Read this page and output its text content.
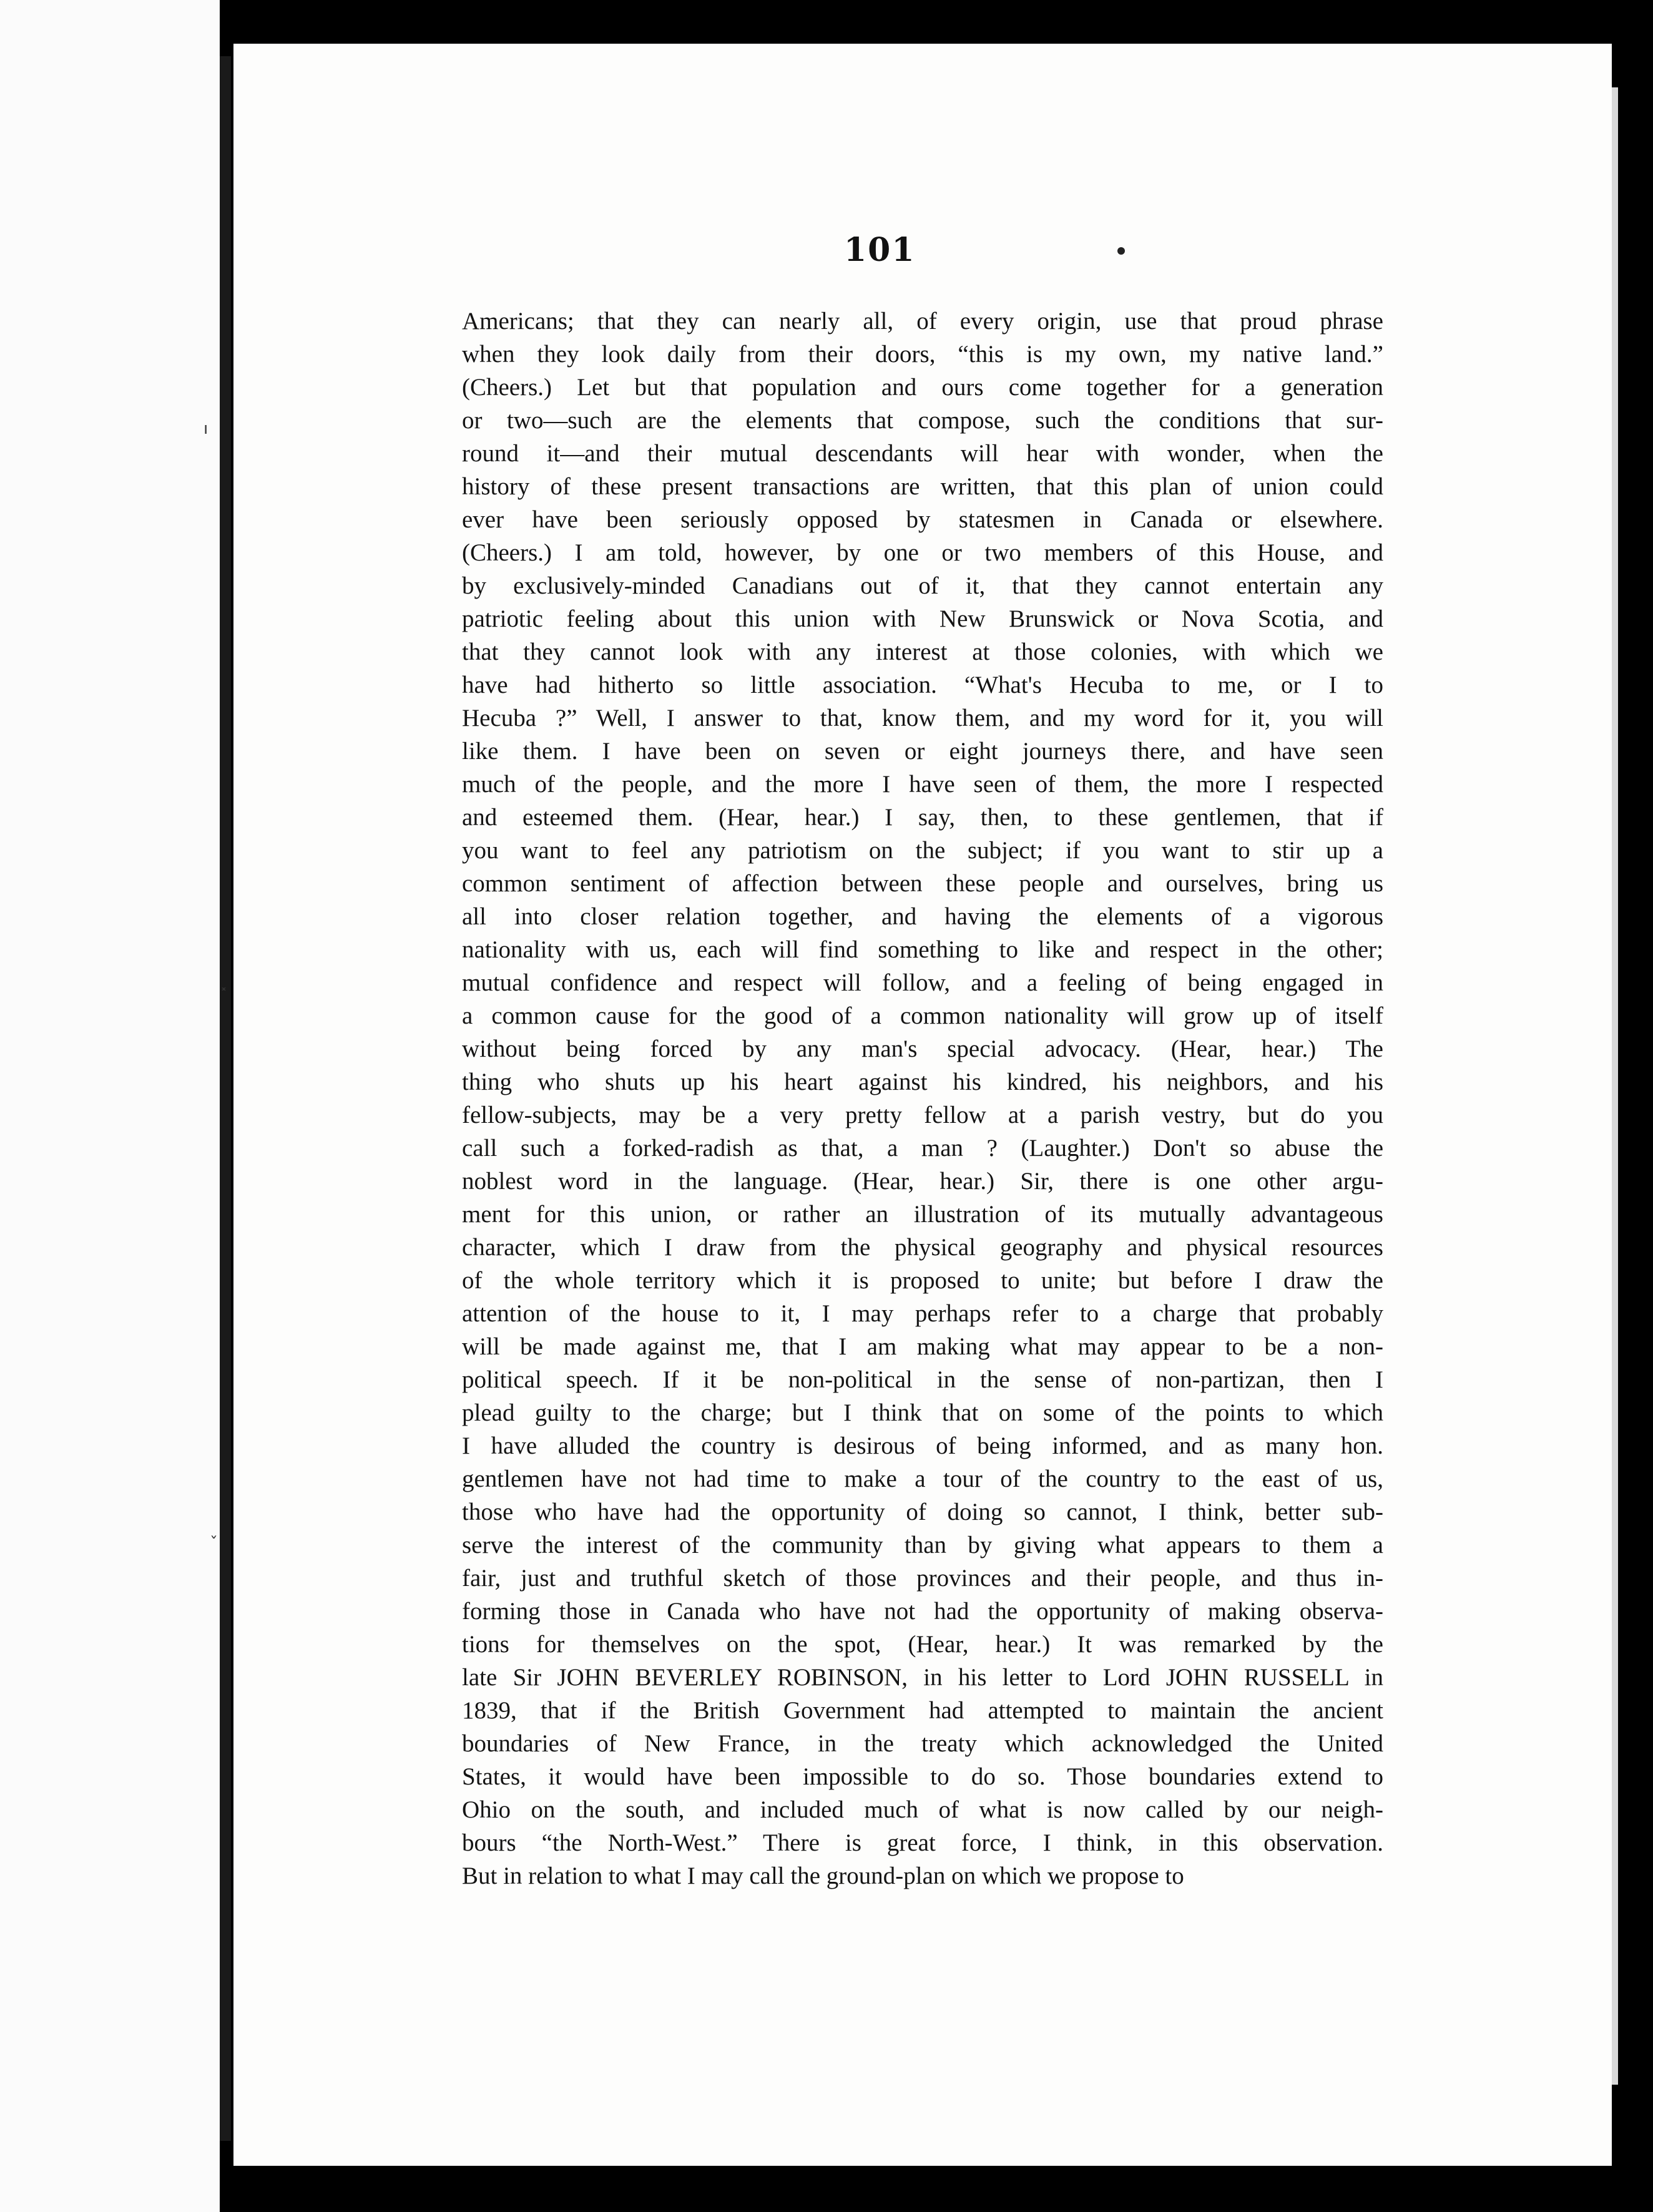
ı
˟
ˇ
101
Americans; that they can nearly all, of every origin, use that proud phrase
when they look daily from their doors, “this is my own, my native land.”
(Cheers.) Let but that population and ours come together for a generation
or two—such are the elements that compose, such the conditions that sur-
round it—and their mutual descendants will hear with wonder, when the
history of these present transactions are written, that this plan of union could
ever have been seriously opposed by statesmen in Canada or elsewhere.
(Cheers.) I am told, however, by one or two members of this House, and
by exclusively-minded Canadians out of it, that they cannot entertain any
patriotic feeling about this union with New Brunswick or Nova Scotia, and
that they cannot look with any interest at those colonies, with which we
have had hitherto so little association. “What's Hecuba to me, or I to
Hecuba ?” Well, I answer to that, know them, and my word for it, you will
like them. I have been on seven or eight journeys there, and have seen
much of the people, and the more I have seen of them, the more I respected
and esteemed them. (Hear, hear.) I say, then, to these gentlemen, that if
you want to feel any patriotism on the subject; if you want to stir up a
common sentiment of affection between these people and ourselves, bring us
all into closer relation together, and having the elements of a vigorous
nationality with us, each will find something to like and respect in the other;
mutual confidence and respect will follow, and a feeling of being engaged in
a common cause for the good of a common nationality will grow up of itself
without being forced by any man's special advocacy. (Hear, hear.) The
thing who shuts up his heart against his kindred, his neighbors, and his
fellow-subjects, may be a very pretty fellow at a parish vestry, but do you
call such a forked-radish as that, a man ? (Laughter.) Don't so abuse the
noblest word in the language. (Hear, hear.) Sir, there is one other argu-
ment for this union, or rather an illustration of its mutually advantageous
character, which I draw from the physical geography and physical resources
of the whole territory which it is proposed to unite; but before I draw the
attention of the house to it, I may perhaps refer to a charge that probably
will be made against me, that I am making what may appear to be a non-
political speech. If it be non-political in the sense of non-partizan, then I
plead guilty to the charge; but I think that on some of the points to which
I have alluded the country is desirous of being informed, and as many hon.
gentlemen have not had time to make a tour of the country to the east of us,
those who have had the opportunity of doing so cannot, I think, better sub-
serve the interest of the community than by giving what appears to them a
fair, just and truthful sketch of those provinces and their people, and thus in-
forming those in Canada who have not had the opportunity of making observa-
tions for themselves on the spot, (Hear, hear.) It was remarked by the
late Sir JOHN BEVERLEY ROBINSON, in his letter to Lord JOHN RUSSELL in
1839, that if the British Government had attempted to maintain the ancient
boundaries of New France, in the treaty which acknowledged the United
States, it would have been impossible to do so. Those boundaries extend to
Ohio on the south, and included much of what is now called by our neigh-
bours “the North-West.” There is great force, I think, in this observation.
But in relation to what I may call the ground-plan on which we propose to
